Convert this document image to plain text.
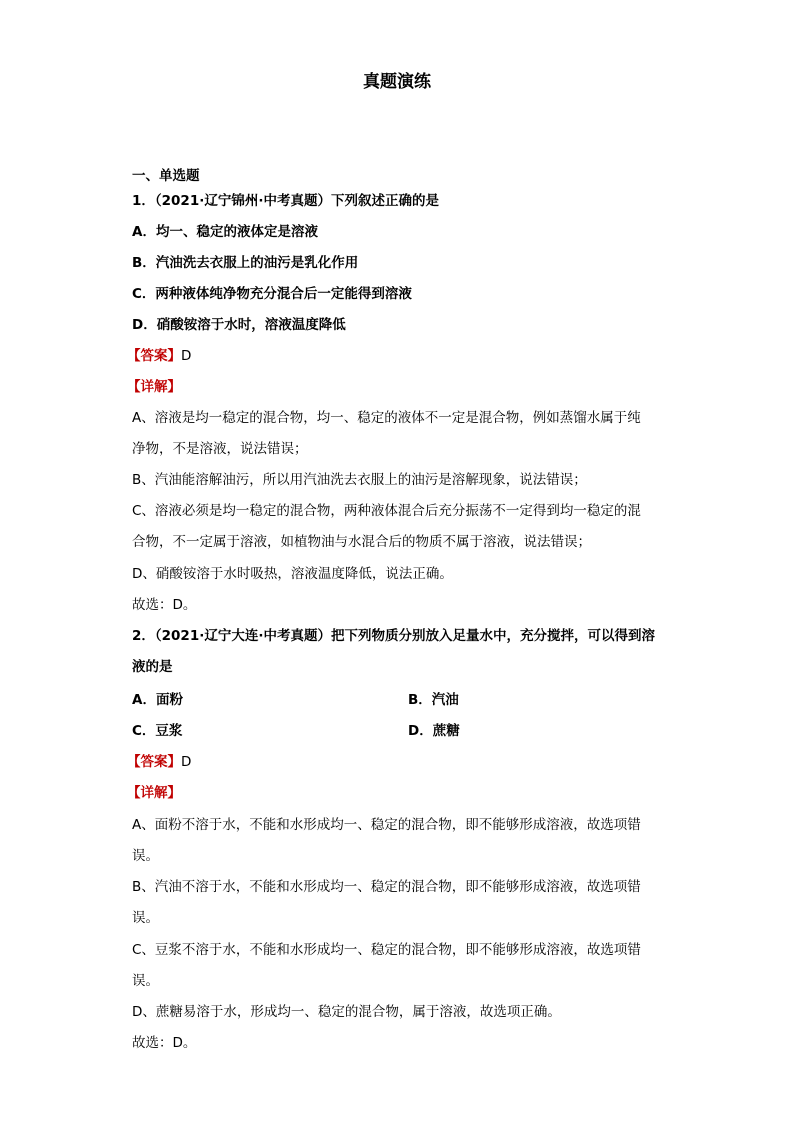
真题演练
一、单选题
1．（2021·辽宁锦州·中考真题）下列叙述正确的是
A．均一、稳定的液体定是溶液
B．汽油洗去衣服上的油污是乳化作用
C．两种液体纯净物充分混合后一定能得到溶液
D．硝酸铵溶于水时，溶液温度降低
【答案】D
【详解】
A、溶液是均一稳定的混合物，均一、稳定的液体不一定是混合物，例如蒸馏水属于纯
净物，不是溶液，说法错误；
B、汽油能溶解油污，所以用汽油洗去衣服上的油污是溶解现象，说法错误；
C、溶液必须是均一稳定的混合物，两种液体混合后充分振荡不一定得到均一稳定的混
合物，不一定属于溶液，如植物油与水混合后的物质不属于溶液，说法错误；
D、硝酸铵溶于水时吸热，溶液温度降低，说法正确。
故选：D。
2．（2021·辽宁大连·中考真题）把下列物质分别放入足量水中，充分搅拌，可以得到溶
液的是
A．面粉	B．汽油
C．豆浆	D．蔗糖
【答案】D
【详解】
A、面粉不溶于水，不能和水形成均一、稳定的混合物，即不能够形成溶液，故选项错
误。
B、汽油不溶于水，不能和水形成均一、稳定的混合物，即不能够形成溶液，故选项错
误。
C、豆浆不溶于水，不能和水形成均一、稳定的混合物，即不能够形成溶液，故选项错
误。
D、蔗糖易溶于水，形成均一、稳定的混合物，属于溶液，故选项正确。
故选：D。
